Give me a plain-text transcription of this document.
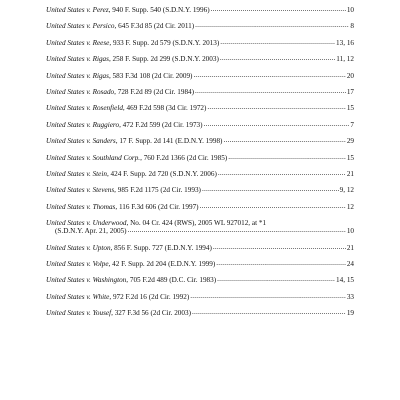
United States v. Perez, 940 F. Supp. 540 (S.D.N.Y. 1996) .....	10
United States v. Persico, 645 F.3d 85 (2d Cir. 2011) .....	8
United States v. Reese, 933 F. Supp. 2d 579 (S.D.N.Y. 2013) .....	13, 16
United States v. Rigas, 258 F. Supp. 2d 299 (S.D.N.Y. 2003) .....	11, 12
United States v. Rigas, 583 F.3d 108 (2d Cir. 2009) .....	20
United States v. Rosado, 728 F.2d 89 (2d Cir. 1984) .....	17
United States v. Rosenfield, 469 F.2d 598 (3d Cir. 1972) .....	15
United States v. Ruggiero, 472 F.2d 599 (2d Cir. 1973) .....	7
United States v. Sanders, 17 F. Supp. 2d 141 (E.D.N.Y. 1998) .....	29
United States v. Southland Corp., 760 F.2d 1366 (2d Cir. 1985) .....	15
United States v. Stein, 424 F. Supp. 2d 720 (S.D.N.Y. 2006) .....	21
United States v. Stevens, 985 F.2d 1175 (2d Cir. 1993) .....	9, 12
United States v. Thomas, 116 F.3d 606 (2d Cir. 1997) .....	12
United States v. Underwood, No. 04 Cr. 424 (RWS), 2005 WL 927012, at *1
(S.D.N.Y. Apr. 21, 2005) .....	10
United States v. Upton, 856 F. Supp. 727 (E.D.N.Y. 1994) .....	21
United States v. Volpe, 42 F. Supp. 2d 204 (E.D.N.Y. 1999) .....	24
United States v. Washington, 705 F.2d 489 (D.C. Cir. 1983) .....	14, 15
United States v. White, 972 F.2d 16 (2d Cir. 1992) .....	33
United States v. Yousef, 327 F.3d 56 (2d Cir. 2003) .....	19
